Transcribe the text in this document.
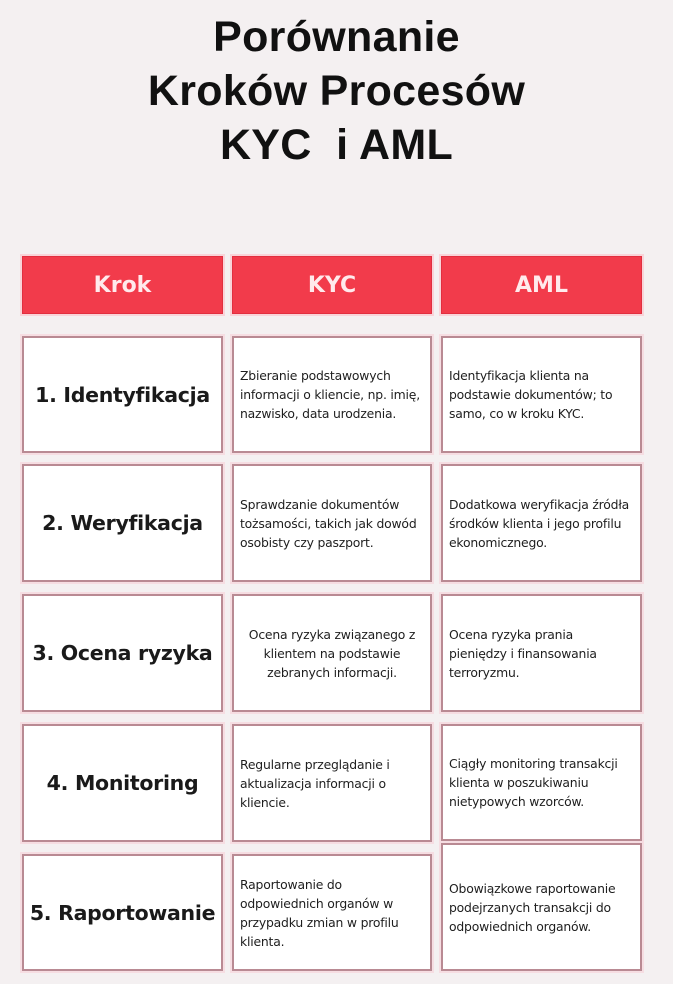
Porównanie
Kroków Procesów
KYC  i AML
Krok	KYC	AML
1. Identyfikacja
Zbieranie podstawowych informacji o kliencie, np. imię, nazwisko, data urodzenia.
Identyfikacja klienta na podstawie dokumentów; to samo, co w kroku KYC.
2. Weryfikacja
Sprawdzanie dokumentów tożsamości, takich jak dowód osobisty czy paszport.
Dodatkowa weryfikacja źródła środków klienta i jego profilu ekonomicznego.
3. Ocena ryzyka
Ocena ryzyka związanego z klientem na podstawie zebranych informacji.
Ocena ryzyka prania pieniędzy i finansowania terroryzmu.
4. Monitoring
Regularne przeglądanie i aktualizacja informacji o kliencie.
Ciągły monitoring transakcji klienta w poszukiwaniu nietypowych wzorców.
5. Raportowanie
Raportowanie do odpowiednich organów w przypadku zmian w profilu klienta.
Obowiązkowe raportowanie podejrzanych transakcji do odpowiednich organów.
